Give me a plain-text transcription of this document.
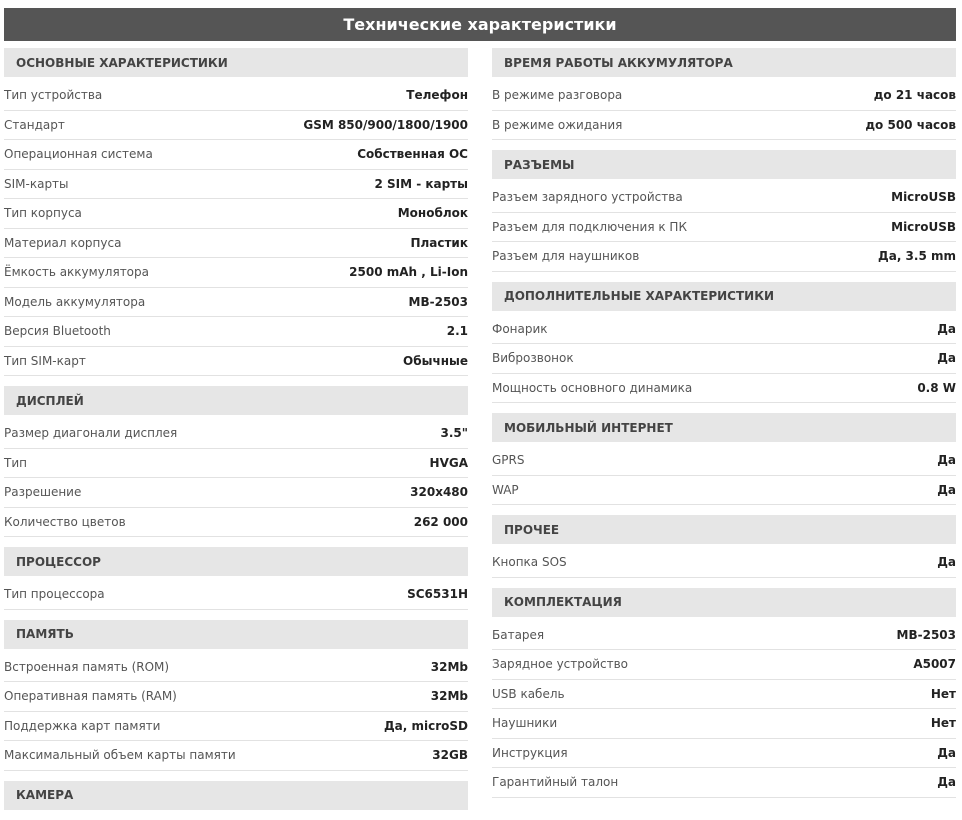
Технические характеристики
ОСНОВНЫЕ ХАРАКТЕРИСТИКИ
Тип устройства	Телефон
Стандарт	GSM 850/900/1800/1900
Операционная система	Собственная ОС
SIM-карты	2 SIM - карты
Тип корпуса	Моноблок
Материал корпуса	Пластик
Ёмкость аккумулятора	2500 mAh , Li-Ion
Модель аккумулятора	MB-2503
Версия Bluetooth	2.1
Тип SIM-карт	Обычные
ДИСПЛЕЙ
Размер диагонали дисплея	3.5"
Тип	HVGA
Разрешение	320x480
Количество цветов	262 000
ПРОЦЕССОР
Тип процессора	SC6531H
ПАМЯТЬ
Встроенная память (ROM)	32Mb
Оперативная память (RAM)	32Mb
Поддержка карт памяти	Да, microSD
Максимальный объем карты памяти	32GB
КАМЕРА
ВРЕМЯ РАБОТЫ АККУМУЛЯТОРА
В режиме разговора	до 21 часов
В режиме ожидания	до 500 часов
РАЗЪЕМЫ
Разъем зарядного устройства	MicroUSB
Разъем для подключения к ПК	MicroUSB
Разъем для наушников	Да, 3.5 mm
ДОПОЛНИТЕЛЬНЫЕ ХАРАКТЕРИСТИКИ
Фонарик	Да
Виброзвонок	Да
Мощность основного динамика	0.8 W
МОБИЛЬНЫЙ ИНТЕРНЕТ
GPRS	Да
WAP	Да
ПРОЧЕЕ
Кнопка SOS	Да
КОМПЛЕКТАЦИЯ
Батарея	MB-2503
Зарядное устройство	A5007
USB кабель	Нет
Наушники	Нет
Инструкция	Да
Гарантийный талон	Да
